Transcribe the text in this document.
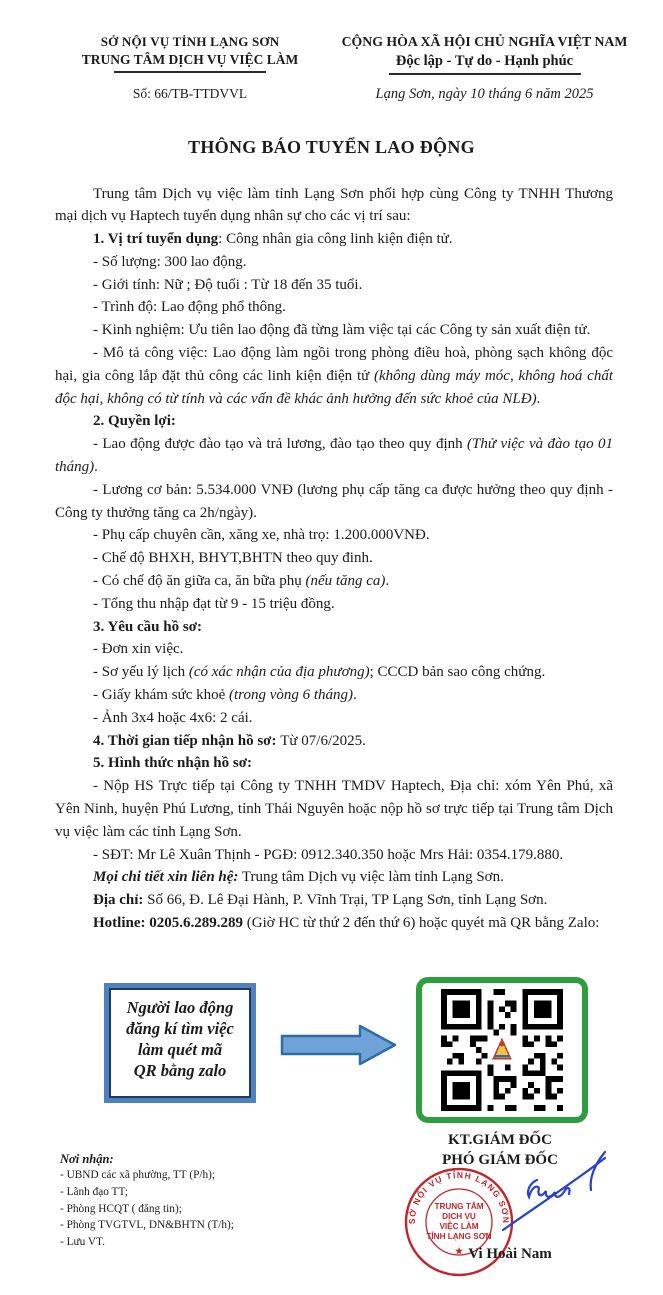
SỞ NỘI VỤ TỈNH LẠNG SƠN
TRUNG TÂM DỊCH VỤ VIỆC LÀM
Số: 66/TB-TTDVVL
CỘNG HÒA XÃ HỘI CHỦ NGHĨA VIỆT NAM
Độc lập - Tự do - Hạnh phúc
Lạng Sơn, ngày 10 tháng 6 năm 2025
THÔNG BÁO TUYỂN LAO ĐỘNG

Trung tâm Dịch vụ việc làm tỉnh Lạng Sơn phối hợp cùng Công ty TNHH Thương mại dịch vụ Haptech tuyển dụng nhân sự cho các vị trí sau:

1. Vị trí tuyển dụng: Công nhân gia công linh kiện điện tử.

- Số lượng: 300 lao động.

- Giới tính: Nữ ; Độ tuổi : Từ 18 đến 35 tuổi.

- Trình độ: Lao động phổ thông.

- Kinh nghiệm: Ưu tiên lao động đã từng làm việc tại các Công ty sản xuất điện tử.

- Mô tả công việc: Lao động làm ngồi trong phòng điều hoà, phòng sạch không độc hại, gia công lắp đặt thủ công các linh kiện điện tử (không dùng máy móc, không hoá chất độc hại, không có từ tính và các vấn đề khác ảnh hưởng đến sức khoẻ của NLĐ).

2. Quyền lợi:

- Lao động được đào tạo và trả lương, đào tạo theo quy định (Thử việc và đào tạo 01 tháng).

- Lương cơ bản: 5.534.000 VNĐ (lương phụ cấp tăng ca được hưởng theo quy định - Công ty thưởng tăng ca 2h/ngày).

- Phụ cấp chuyên cần, xăng xe, nhà trọ: 1.200.000VNĐ.

- Chế độ BHXH, BHYT,BHTN theo quy đinh.

- Có chế độ ăn giữa ca, ăn bữa phụ (nếu tăng ca).

- Tổng thu nhập đạt từ 9 - 15 triệu đồng.

3. Yêu cầu hồ sơ:

- Đơn xin việc.

- Sơ yếu lý lịch (có xác nhận của địa phương); CCCD bản sao công chứng.

- Giấy khám sức khoẻ (trong vòng 6 tháng).

- Ảnh 3x4 hoặc 4x6: 2 cái.

4. Thời gian tiếp nhận hồ sơ: Từ 07/6/2025.

5. Hình thức nhận hồ sơ:

- Nộp HS Trực tiếp tại Công ty TNHH TMDV Haptech, Địa chỉ: xóm Yên Phú, xã Yên Ninh, huyện Phú Lương, tỉnh Thái Nguyên hoặc nộp hồ sơ trực tiếp tại Trung tâm Dịch vụ việc làm các tỉnh Lạng Sơn.

- SĐT: Mr Lê Xuân Thịnh - PGĐ: 0912.340.350 hoặc Mrs Hải: 0354.179.880.

Mọi chi tiết xin liên hệ: Trung tâm Dịch vụ việc làm tỉnh Lạng Sơn.

Địa chỉ: Số 66, Đ. Lê Đại Hành, P. Vĩnh Trại, TP Lạng Sơn, tỉnh Lạng Sơn.

Hotline: 0205.6.289.289 (Giờ HC từ thứ 2 đến thứ 6) hoặc quyét mã QR bằng Zalo:

Người lao động
đăng kí tìm việc
làm quét mã
QR bằng zalo
Nơi nhận:
- UBND các xã phường, TT (P/h);
- Lãnh đạo TT;
- Phòng HCQT ( đăng tin);
- Phòng TVGTVL, DN&BHTN (T/h);
- Lưu VT.
KT.GIÁM ĐỐC
PHÓ GIÁM ĐỐC
SỞ NỘI VỤ TỈNH LẠNG SƠN
TRUNG TÂM
DỊCH VỤ
VIỆC LÀM
TỈNH LẠNG SƠN
★ Vi Hoài Nam
